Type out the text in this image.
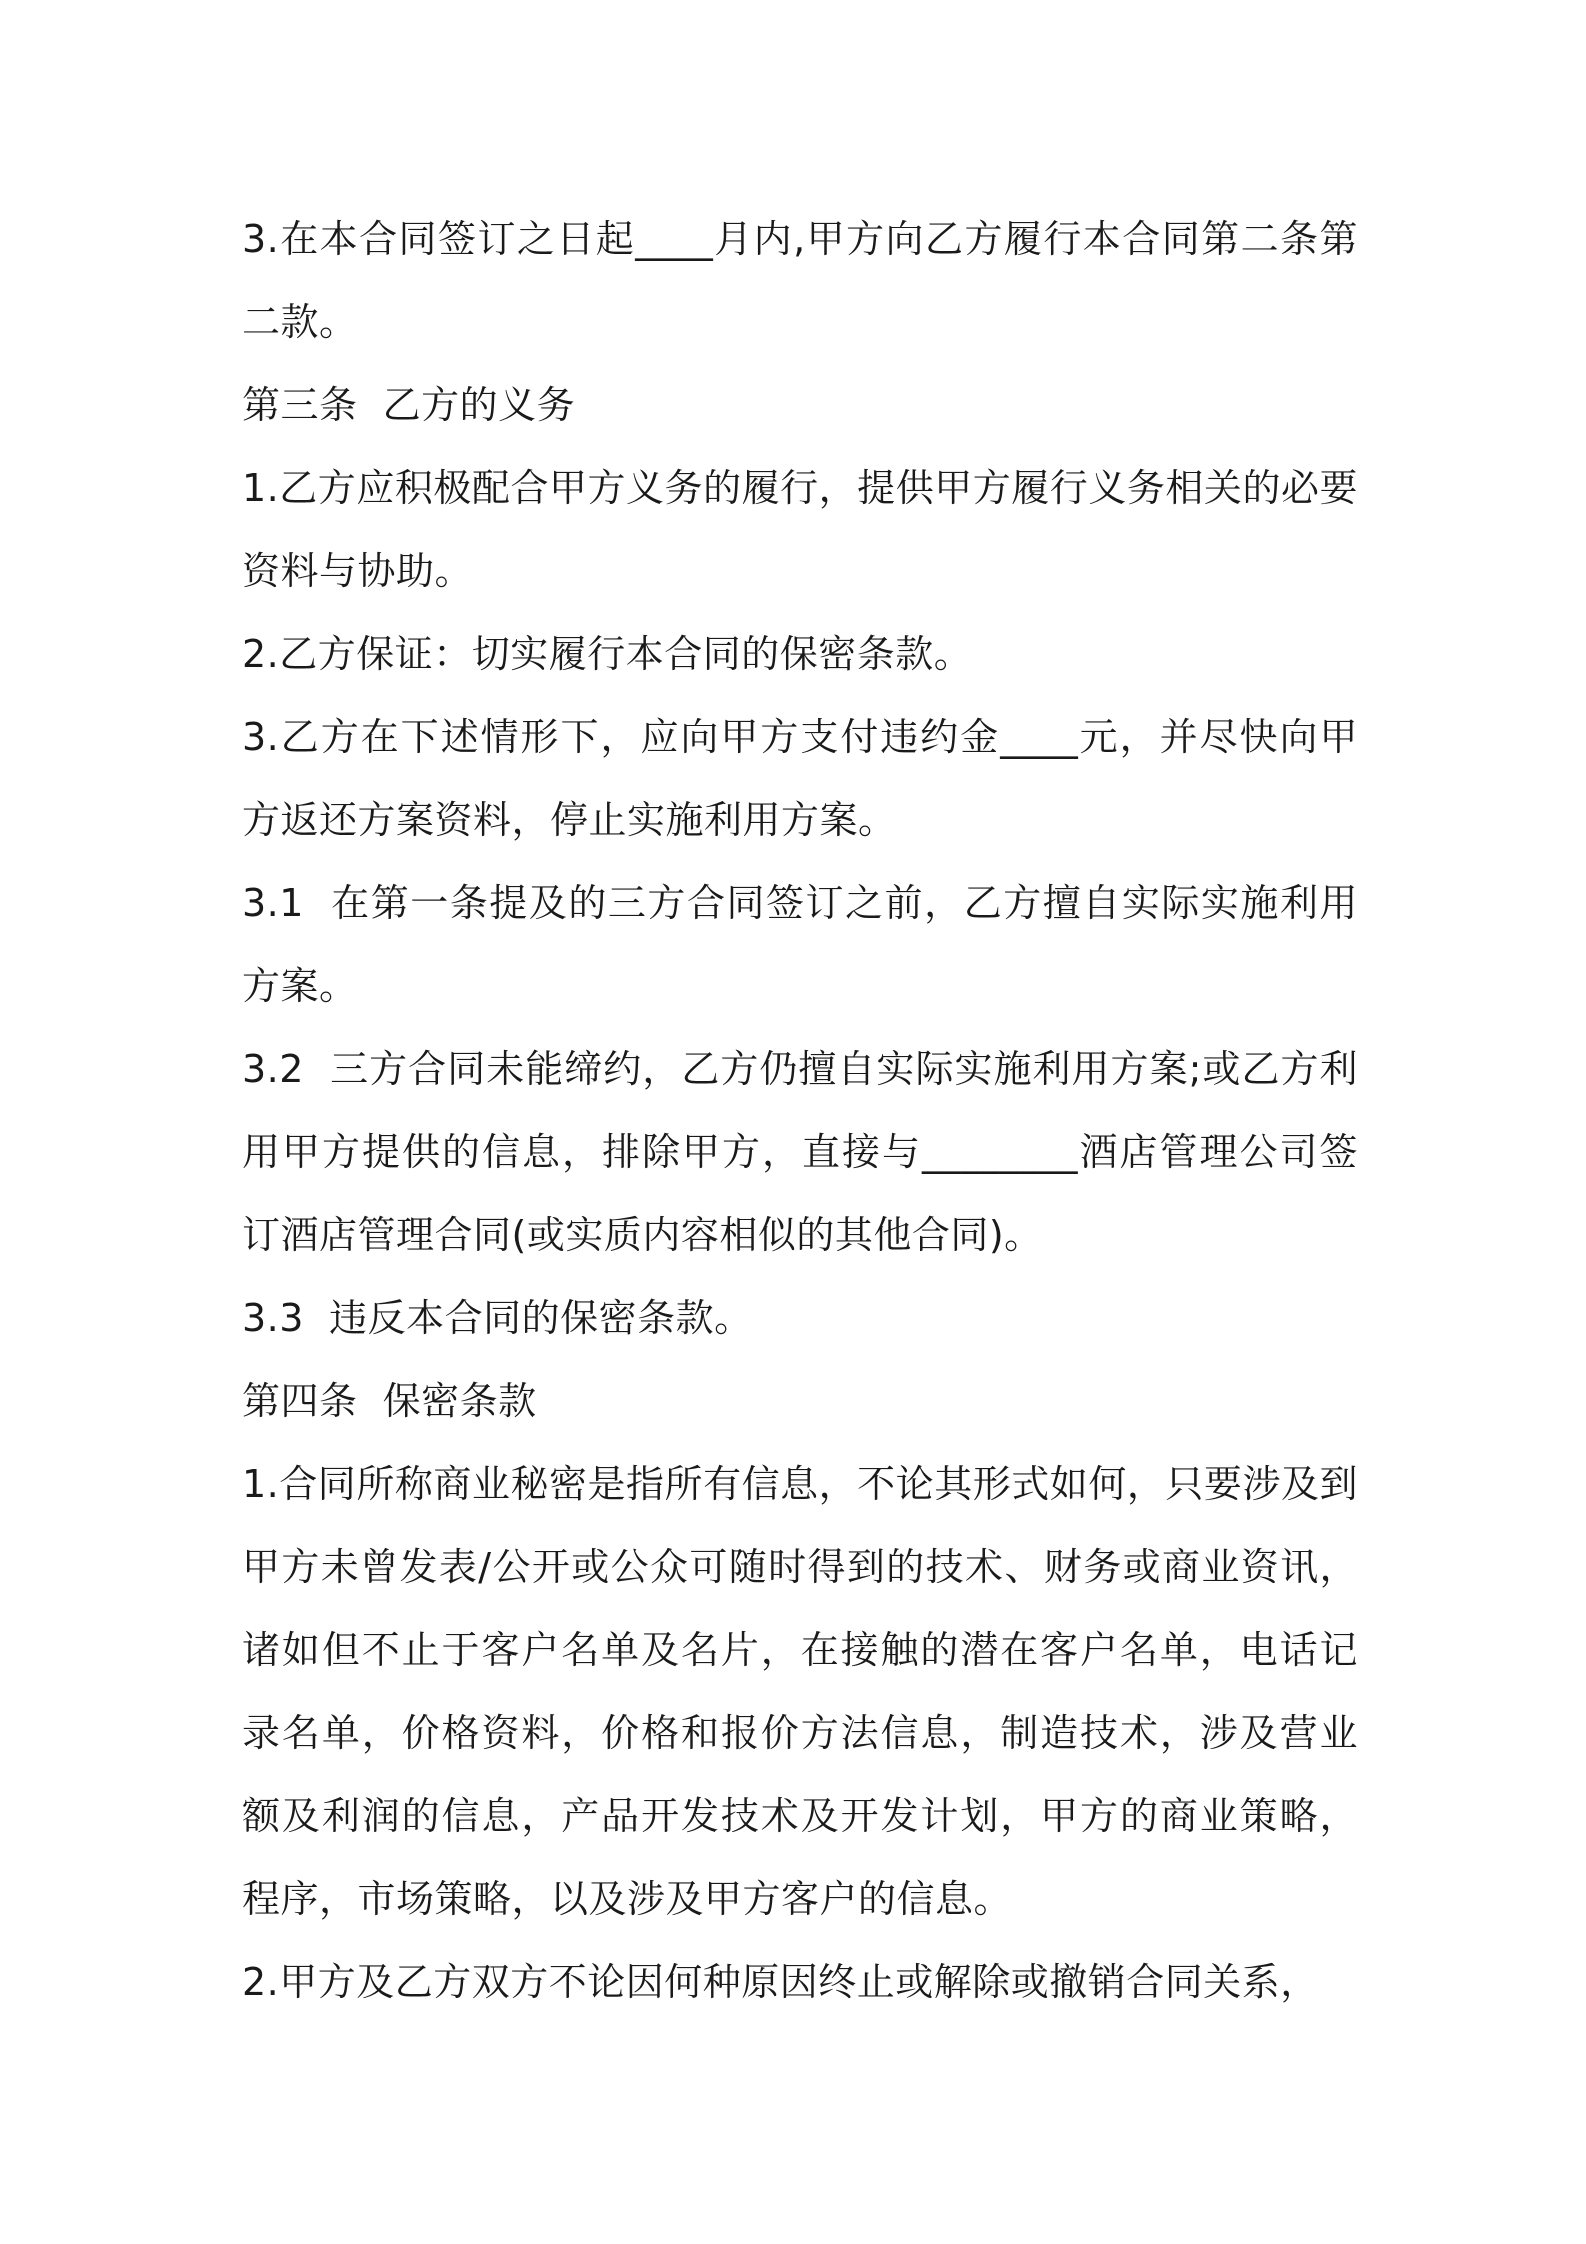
3.在本合同签订之日起____月内,甲方向乙方履行本合同第二条第二款。

第三条  乙方的义务

1.乙方应积极配合甲方义务的履行，提供甲方履行义务相关的必要资料与协助。

2.乙方保证：切实履行本合同的保密条款。

3.乙方在下述情形下，应向甲方支付违约金____元，并尽快向甲方返还方案资料，停止实施利用方案。

3.1  在第一条提及的三方合同签订之前，乙方擅自实际实施利用方案。

3.2  三方合同未能缔约，乙方仍擅自实际实施利用方案;或乙方利用甲方提供的信息，排除甲方，直接与________酒店管理公司签订酒店管理合同(或实质内容相似的其他合同)。

3.3  违反本合同的保密条款。

第四条  保密条款

1.合同所称商业秘密是指所有信息，不论其形式如何，只要涉及到甲方未曾发表/公开或公众可随时得到的技术、财务或商业资讯，诸如但不止于客户名单及名片，在接触的潜在客户名单，电话记录名单，价格资料，价格和报价方法信息，制造技术，涉及营业额及利润的信息，产品开发技术及开发计划，甲方的商业策略，程序，市场策略，以及涉及甲方客户的信息。

2.甲方及乙方双方不论因何种原因终止或解除或撤销合同关系，
